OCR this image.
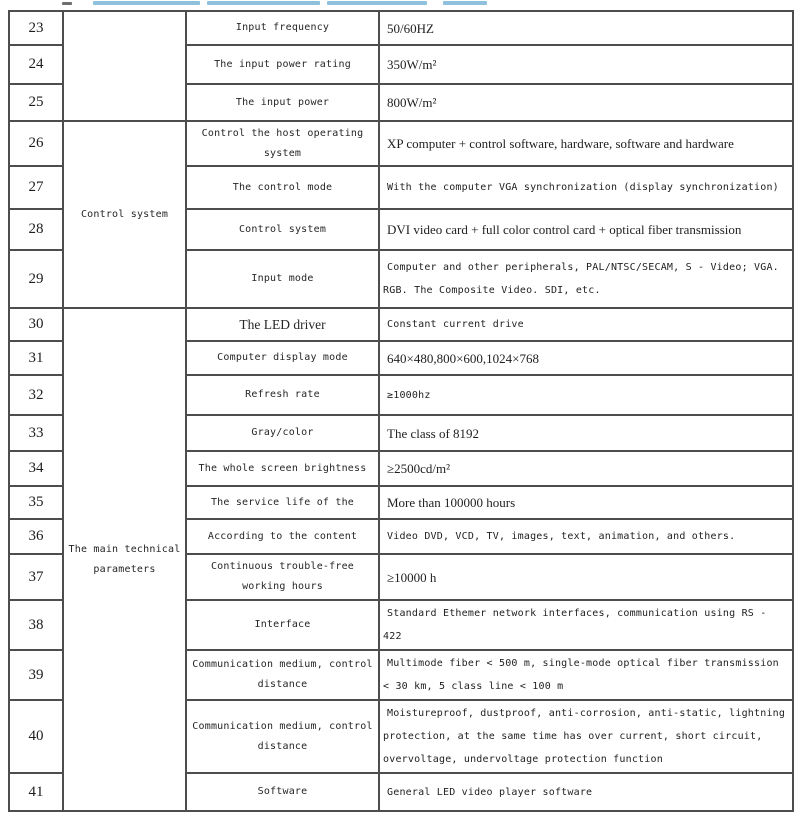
23		Input frequency	50/60HZ
24		The input power rating	350W/m²
25		The input power	800W/m²
26	Control system	Control the host operating system	XP computer + control software, hardware, software and hardware
27		The control mode	With the computer VGA synchronization (display synchronization)
28		Control system	DVI video card + full color control card + optical fiber transmission
29		Input mode	Computer and other peripherals, PAL/NTSC/SECAM, S - Video; VGA. RGB. The Composite Video. SDI, etc.
30	The main technical parameters	The LED driver	Constant current drive
31		Computer display mode	640×480,800×600,1024×768
32		Refresh rate	≥1000hz
33		Gray/color	The class of 8192
34		The whole screen brightness	≥2500cd/m²
35		The service life of the	More than 100000 hours
36		According to the content	Video DVD, VCD, TV, images, text, animation, and others.
37		Continuous trouble-free working hours	≥10000 h
38		Interface	Standard Ethemer network interfaces, communication using RS - 422
39		Communication medium, control distance	Multimode fiber < 500 m, single-mode optical fiber transmission < 30 km, 5 class line < 100 m
40		Communication medium, control distance	Moistureproof, dustproof, anti-corrosion, anti-static, lightning protection, at the same time has over current, short circuit, overvoltage, undervoltage protection function
41		Software	General LED video player software
